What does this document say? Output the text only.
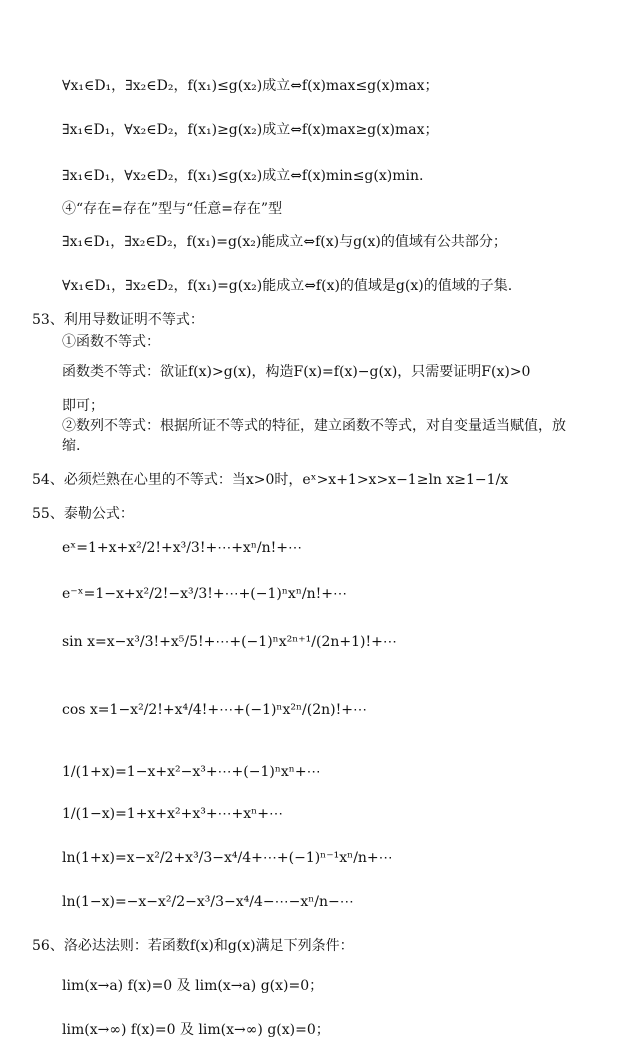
∀x₁∈D₁，∃x₂∈D₂，f(x₁)≤g(x₂)成立⇔f(x)max≤g(x)max；
∃x₁∈D₁，∀x₂∈D₂，f(x₁)≥g(x₂)成立⇔f(x)max≥g(x)max；
∃x₁∈D₁，∀x₂∈D₂，f(x₁)≤g(x₂)成立⇔f(x)min≤g(x)min.
④“存在=存在”型与“任意=存在”型
∃x₁∈D₁，∃x₂∈D₂，f(x₁)=g(x₂)能成立⇔f(x)与g(x)的值域有公共部分；
∀x₁∈D₁，∃x₂∈D₂，f(x₁)=g(x₂)能成立⇔f(x)的值域是g(x)的值域的子集.
53、利用导数证明不等式：
①函数不等式：
函数类不等式：欲证f(x)>g(x)，构造F(x)=f(x)−g(x)，只需要证明F(x)>0
即可；
②数列不等式：根据所证不等式的特征，建立函数不等式，对自变量适当赋值，放缩.
54、必须烂熟在心里的不等式：当x>0时，eˣ>x+1>x>x−1≥ln x≥1−1/x
55、泰勒公式：
eˣ=1+x+x²/2!+x³/3!+⋯+xⁿ/n!+⋯
e⁻ˣ=1−x+x²/2!−x³/3!+⋯+(−1)ⁿxⁿ/n!+⋯
sin x=x−x³/3!+x⁵/5!+⋯+(−1)ⁿx²ⁿ⁺¹/(2n+1)!+⋯
cos x=1−x²/2!+x⁴/4!+⋯+(−1)ⁿx²ⁿ/(2n)!+⋯
1/(1+x)=1−x+x²−x³+⋯+(−1)ⁿxⁿ+⋯
1/(1−x)=1+x+x²+x³+⋯+xⁿ+⋯
ln(1+x)=x−x²/2+x³/3−x⁴/4+⋯+(−1)ⁿ⁻¹xⁿ/n+⋯
ln(1−x)=−x−x²/2−x³/3−x⁴/4−⋯−xⁿ/n−⋯
56、洛必达法则：若函数f(x)和g(x)满足下列条件：
lim(x→a) f(x)=0 及 lim(x→a) g(x)=0；
lim(x→∞) f(x)=0 及 lim(x→∞) g(x)=0；
